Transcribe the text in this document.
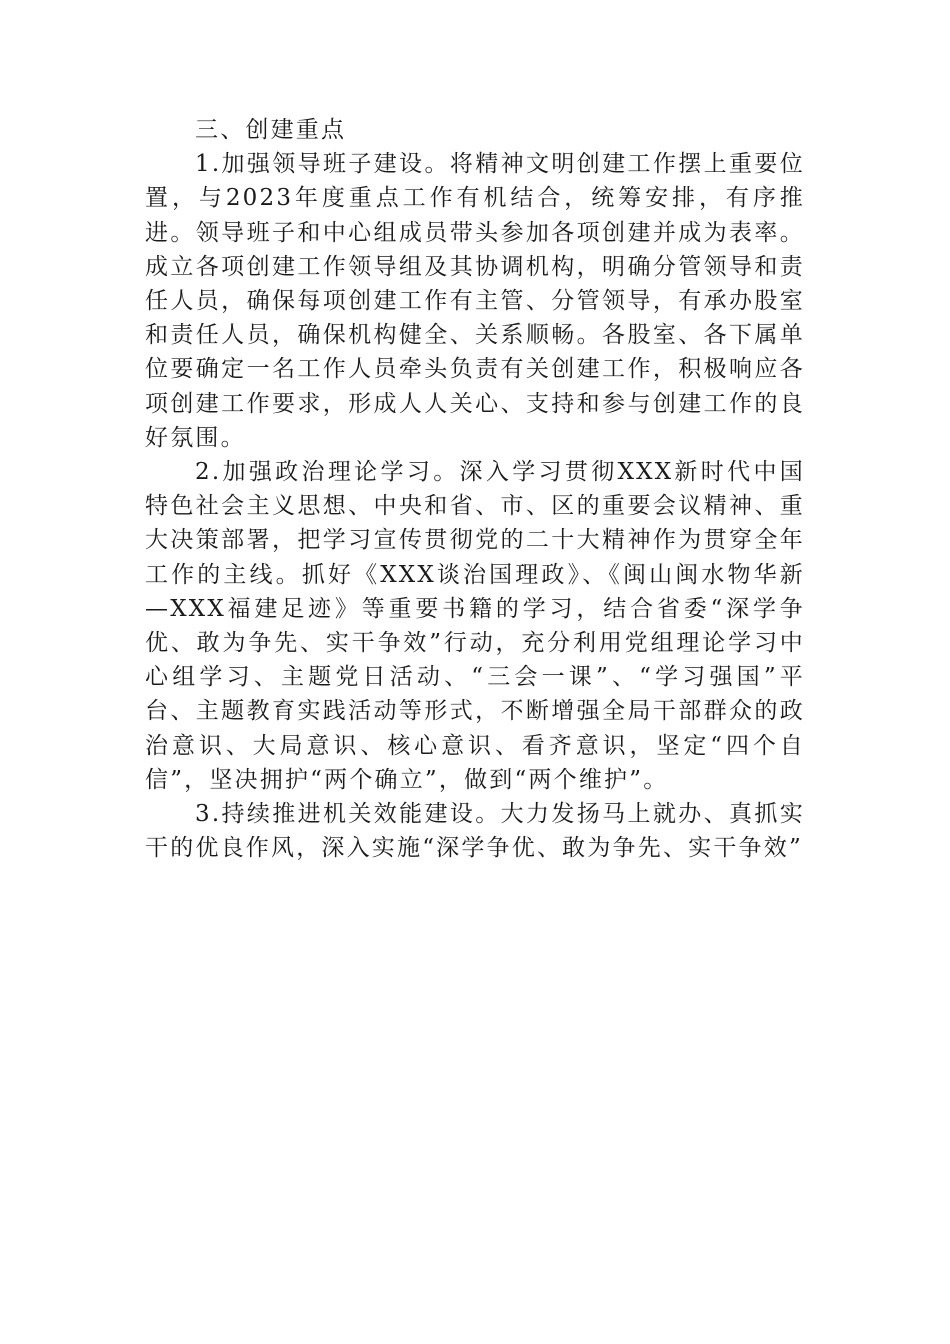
三、创建重点

1.加强领导班子建设。将精神文明创建工作摆上重要位置，与2023年度重点工作有机结合，统筹安排，有序推进。领导班子和中心组成员带头参加各项创建并成为表率。成立各项创建工作领导组及其协调机构，明确分管领导和责任人员，确保每项创建工作有主管、分管领导，有承办股室和责任人员，确保机构健全、关系顺畅。各股室、各下属单位要确定一名工作人员牵头负责有关创建工作，积极响应各项创建工作要求，形成人人关心、支持和参与创建工作的良好氛围。

2.加强政治理论学习。深入学习贯彻XXX新时代中国特色社会主义思想、中央和省、市、区的重要会议精神、重大决策部署，把学习宣传贯彻党的二十大精神作为贯穿全年工作的主线。抓好《XXX谈治国理政》、《闽山闽水物华新—XXX福建足迹》等重要书籍的学习，结合省委“深学争优、敢为争先、实干争效”行动，充分利用党组理论学习中心组学习、主题党日活动、“三会一课”、“学习强国”平台、主题教育实践活动等形式，不断增强全局干部群众的政治意识、大局意识、核心意识、看齐意识，坚定“四个自信”，坚决拥护“两个确立”，做到“两个维护”。

3.持续推进机关效能建设。大力发扬马上就办、真抓实干的优良作风，深入实施“深学争优、敢为争先、实干争效”
